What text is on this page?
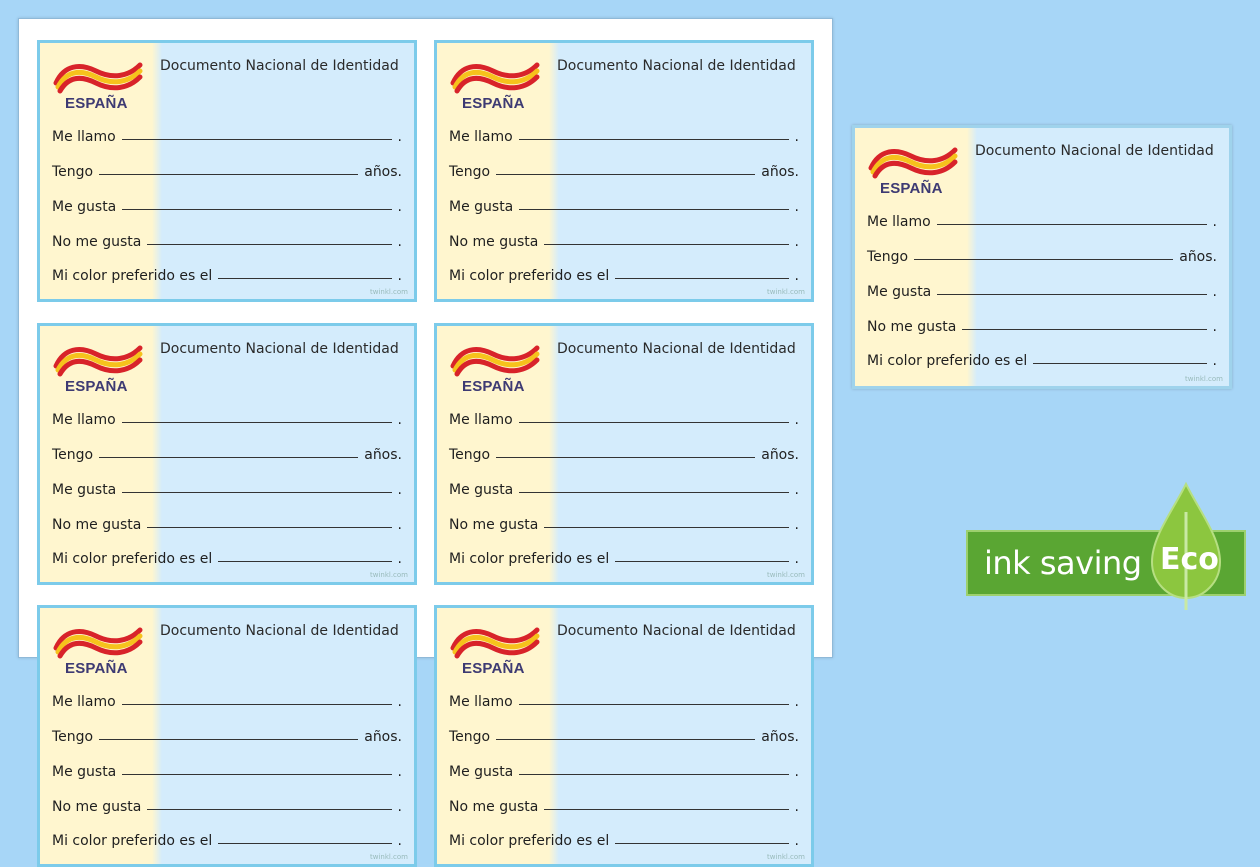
ESPAÑA
Documento Nacional de Identidad
Me llamo	.
Tengo	años.
Me gusta	.
No me gusta	.
Mi color preferido es el	.
twinkl.com
ESPAÑA
Documento Nacional de Identidad
Me llamo	.
Tengo	años.
Me gusta	.
No me gusta	.
Mi color preferido es el	.
twinkl.com
ESPAÑA
Documento Nacional de Identidad
Me llamo	.
Tengo	años.
Me gusta	.
No me gusta	.
Mi color preferido es el	.
twinkl.com
ESPAÑA
Documento Nacional de Identidad
Me llamo	.
Tengo	años.
Me gusta	.
No me gusta	.
Mi color preferido es el	.
twinkl.com
ESPAÑA
Documento Nacional de Identidad
Me llamo	.
Tengo	años.
Me gusta	.
No me gusta	.
Mi color preferido es el	.
twinkl.com
ESPAÑA
Documento Nacional de Identidad
Me llamo	.
Tengo	años.
Me gusta	.
No me gusta	.
Mi color preferido es el	.
twinkl.com
ESPAÑA
Documento Nacional de Identidad
Me llamo	.
Tengo	años.
Me gusta	.
No me gusta	.
Mi color preferido es el	.
twinkl.com
ink saving Eco
